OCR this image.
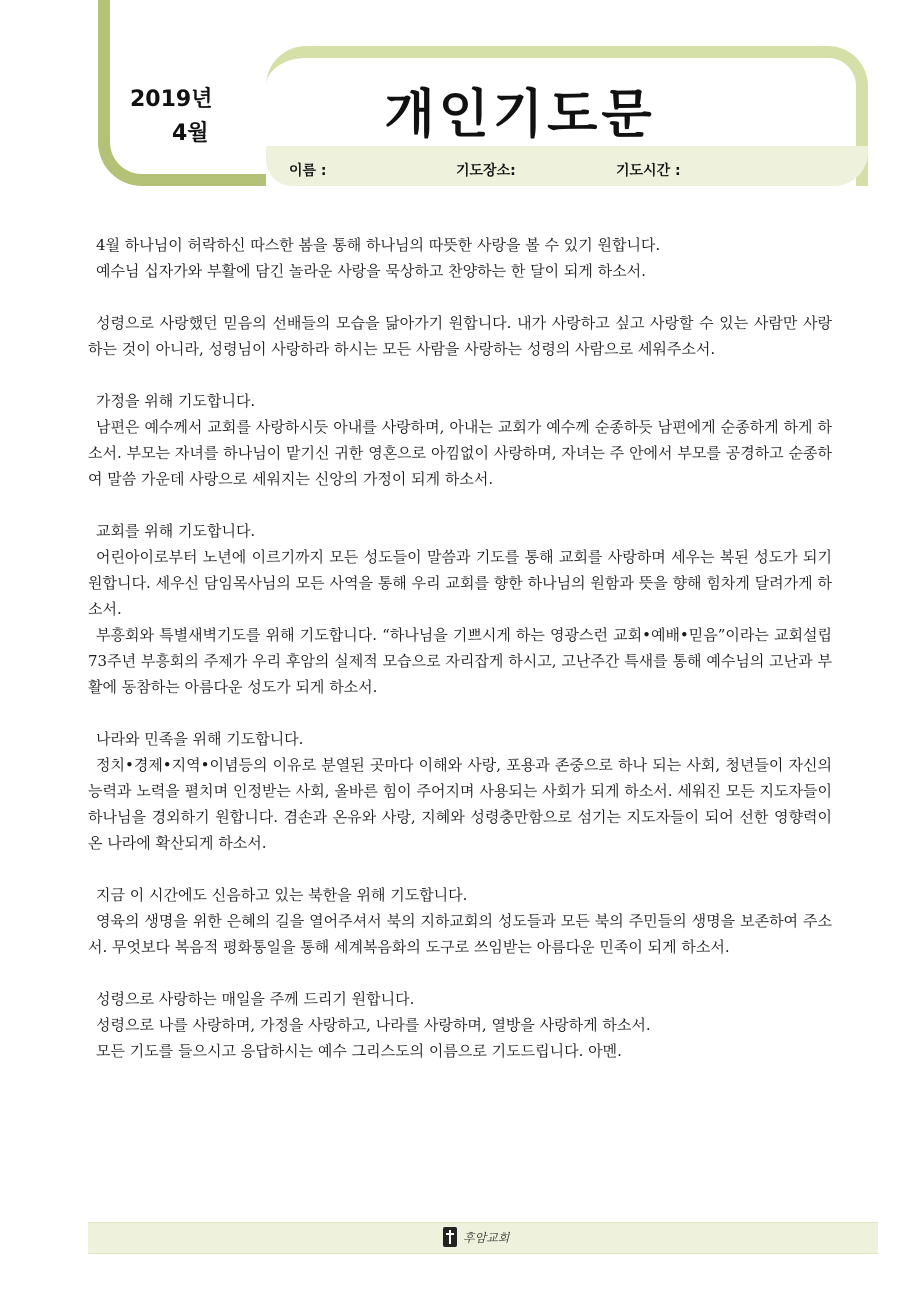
2019년
4월	개인기도문
이름 :	기도장소:	기도시간 :

4월 하나님이 허락하신 따스한 봄을 통해 하나님의 따뜻한 사랑을 볼 수 있기 원합니다.
예수님 십자가와 부활에 담긴 놀라운 사랑을 묵상하고 찬양하는 한 달이 되게 하소서.

성령으로 사랑했던 믿음의 선배들의 모습을 닮아가기 원합니다. 내가 사랑하고 싶고 사랑할 수 있는 사람만 사랑하는 것이 아니라, 성령님이 사랑하라 하시는 모든 사람을 사랑하는 성령의 사람으로 세워주소서.

가정을 위해 기도합니다.
남편은 예수께서 교회를 사랑하시듯 아내를 사랑하며, 아내는 교회가 예수께 순종하듯 남편에게 순종하게 하게 하소서. 부모는 자녀를 하나님이 맡기신 귀한 영혼으로 아낌없이 사랑하며, 자녀는 주 안에서 부모를 공경하고 순종하여 말씀 가운데 사랑으로 세워지는 신앙의 가정이 되게 하소서.

교회를 위해 기도합니다.
어린아이로부터 노년에 이르기까지 모든 성도들이 말씀과 기도를 통해 교회를 사랑하며 세우는 복된 성도가 되기 원합니다. 세우신 담임목사님의 모든 사역을 통해 우리 교회를 향한 하나님의 원함과 뜻을 향해 힘차게 달려가게 하소서.
부흥회와 특별새벽기도를 위해 기도합니다. “하나님을 기쁘시게 하는 영광스런 교회•예배•믿음”이라는 교회설립 73주년 부흥회의 주제가 우리 후암의 실제적 모습으로 자리잡게 하시고, 고난주간 특새를 통해 예수님의 고난과 부활에 동참하는 아름다운 성도가 되게 하소서.

나라와 민족을 위해 기도합니다.
정치•경제•지역•이념등의 이유로 분열된 곳마다 이해와 사랑, 포용과 존중으로 하나 되는 사회, 청년들이 자신의 능력과 노력을 펼치며 인정받는 사회, 올바른 힘이 주어지며 사용되는 사회가 되게 하소서. 세워진 모든 지도자들이 하나님을 경외하기 원합니다. 겸손과 온유와 사랑, 지혜와 성령충만함으로 섬기는 지도자들이 되어 선한 영향력이 온 나라에 확산되게 하소서.

지금 이 시간에도 신음하고 있는 북한을 위해 기도합니다.
영육의 생명을 위한 은혜의 길을 열어주셔서 북의 지하교회의 성도들과 모든 북의 주민들의 생명을 보존하여 주소서. 무엇보다 복음적 평화통일을 통해 세계복음화의 도구로 쓰임받는 아름다운 민족이 되게 하소서.

성령으로 사랑하는 매일을 주께 드리기 원합니다.
성령으로 나를 사랑하며, 가정을 사랑하고, 나라를 사랑하며, 열방을 사랑하게 하소서.
모든 기도를 들으시고 응답하시는 예수 그리스도의 이름으로 기도드립니다. 아멘.

후암교회
